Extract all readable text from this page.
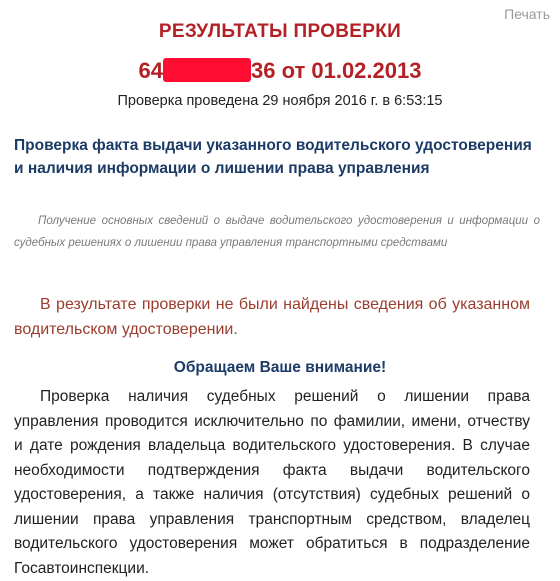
Печать
РЕЗУЛЬТАТЫ ПРОВЕРКИ
64	36 от 01.02.2013
Проверка проведена 29 ноября 2016 г. в 6:53:15
Проверка факта выдачи указанного водительского удостоверения и наличия информации о лишении права управления
Получение основных сведений о выдаче водительского удостоверения и информации о судебных решениях о лишении права управления транспортными средствами
В результате проверки не были найдены сведения об указанном водительском удостоверении.
Обращаем Ваше внимание!
Проверка наличия судебных решений о лишении права управления проводится исключительно по фамилии, имени, отчеству и дате рождения владельца водительского удостоверения. В случае необходимости подтверждения факта выдачи водительского удостоверения, а также наличия (отсутствия) судебных решений о лишении права управления транспортным средством, владелец водительского удостоверения может обратиться в подразделение Госавтоинспекции.
